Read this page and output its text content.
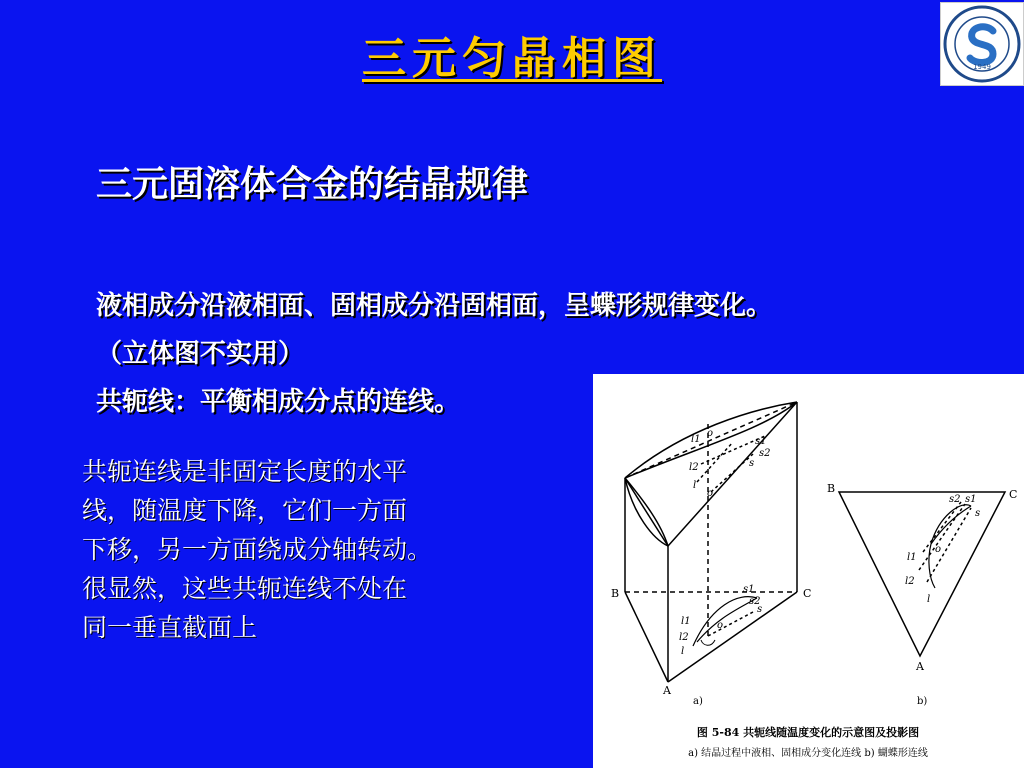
三元匀晶相图	1949
三元固溶体合金的结晶规律
液相成分沿液相面、固相成分沿固相面，呈蝶形规律变化。
（立体图不实用）
共轭线：平衡相成分点的连线。
共轭连线是非固定长度的水平
线，随温度下降，它们一方面
下移，另一方面绕成分轴转动。
很显然，这些共轭连线不处在
同一垂直截面上
B	C
A
l1
l2
l
o
o
s1
s2
s
l1
l2
l
s1
s2
s
o
a)
B	C
A
s2 s1
s
o
l1
l2
l
b)
图 5-84 共轭线随温度变化的示意图及投影图
a) 结晶过程中液相、固相成分变化连线 b) 蝴蝶形连线
